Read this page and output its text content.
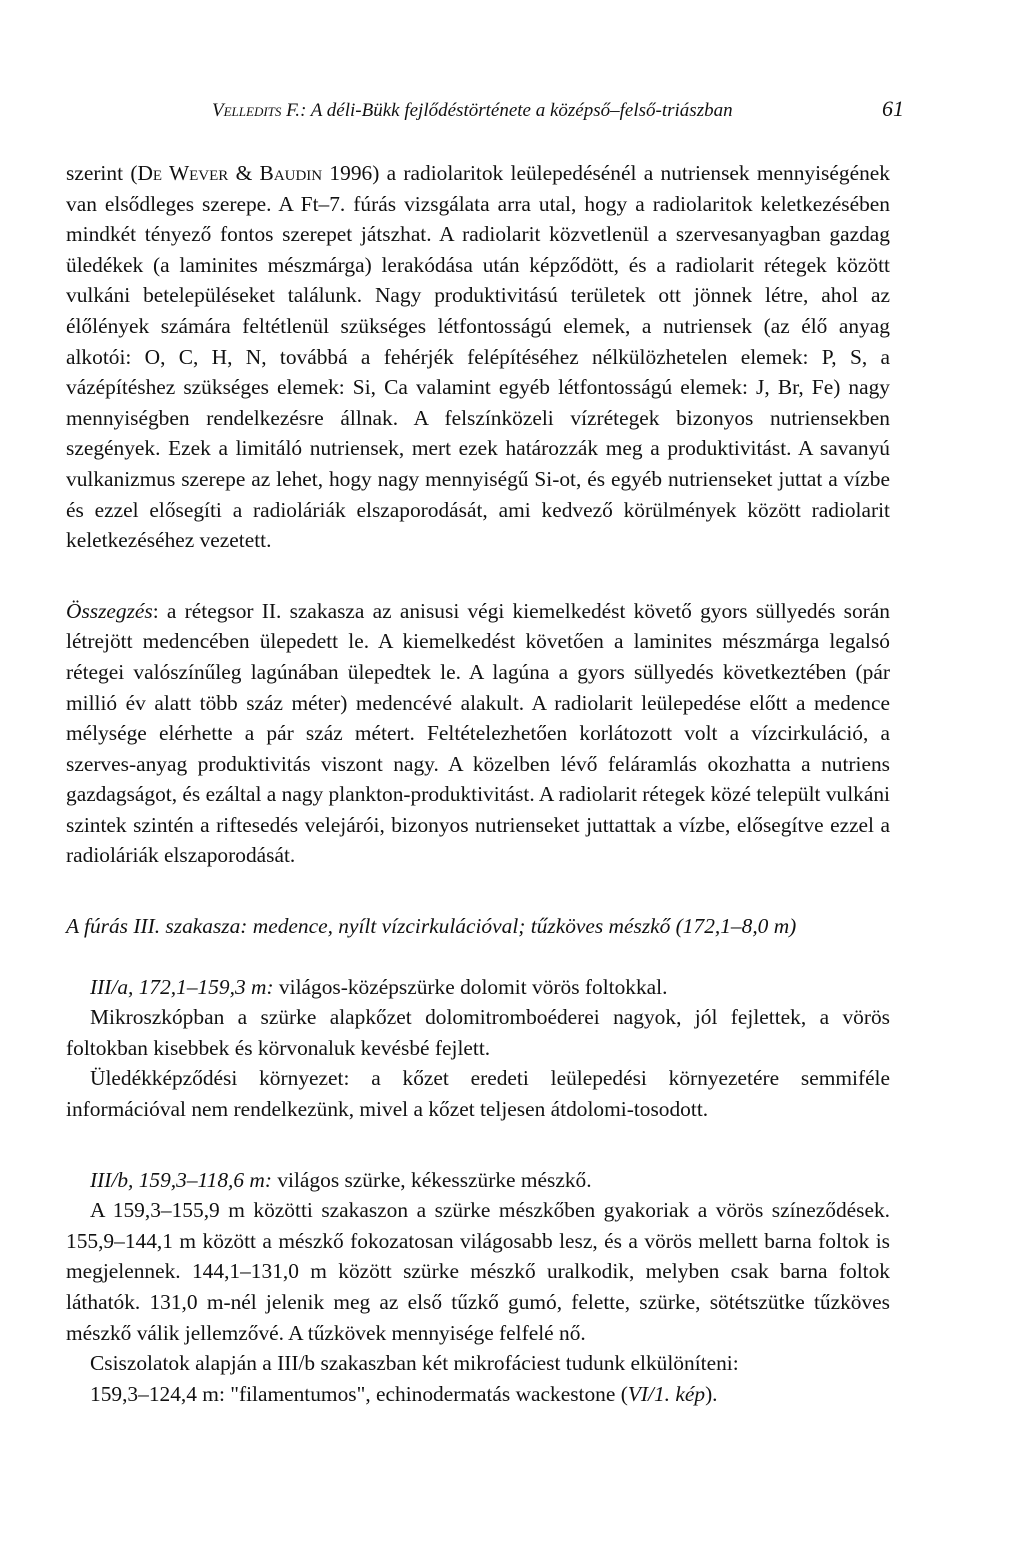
Velledits F.: A déli-Bükk fejlődéstörténete a középső–felső-triászban	61

szerint (De Wever & Baudin 1996) a radiolaritok leülepedésénél a nutriensek mennyiségének van elsődleges szerepe. A Ft–7. fúrás vizsgálata arra utal, hogy a radiolaritok keletkezésében mindkét tényező fontos szerepet játszhat. A radiolarit közvetlenül a szervesanyagban gazdag üledékek (a laminites mészmárga) lerakódása után képződött, és a radiolarit rétegek között vulkáni betelepüléseket találunk. Nagy produktivitású területek ott jönnek létre, ahol az élőlények számára feltétlenül szükséges létfontosságú elemek, a nutriensek (az élő anyag alkotói: O, C, H, N, továbbá a fehérjék felépítéséhez nélkülözhetelen elemek: P, S, a vázépítéshez szükséges elemek: Si, Ca valamint egyéb létfontosságú elemek: J, Br, Fe) nagy mennyiségben rendelkezésre állnak. A felszínközeli vízrétegek bizonyos nutriensekben szegények. Ezek a limitáló nutriensek, mert ezek határozzák meg a produktivitást. A savanyú vulkanizmus szerepe az lehet, hogy nagy mennyiségű Si-ot, és egyéb nutrienseket juttat a vízbe és ezzel elősegíti a radioláriák elszaporodását, ami kedvező körülmények között radiolarit keletkezéséhez vezetett.

Összegzés: a rétegsor II. szakasza az anisusi végi kiemelkedést követő gyors süllyedés során létrejött medencében ülepedett le. A kiemelkedést követően a laminites mészmárga legalsó rétegei valószínűleg lagúnában ülepedtek le. A lagúna a gyors süllyedés következtében (pár millió év alatt több száz méter) medencévé alakult. A radiolarit leülepedése előtt a medence mélysége elérhette a pár száz métert. Feltételezhetően korlátozott volt a vízcirkuláció, a szerves-anyag produktivitás viszont nagy. A közelben lévő feláramlás okozhatta a nutriens gazdagságot, és ezáltal a nagy plankton-produktivitást. A radiolarit rétegek közé települt vulkáni szintek szintén a riftesedés velejárói, bizonyos nutrienseket juttattak a vízbe, elősegítve ezzel a radioláriák elszaporodását.

A fúrás III. szakasza: medence, nyílt vízcirkulációval; tűzköves mészkő (172,1–8,0 m)

III/a, 172,1–159,3 m: világos-középszürke dolomit vörös foltokkal.

Mikroszkópban a szürke alapkőzet dolomitromboéderei nagyok, jól fejlettek, a vörös foltokban kisebbek és körvonaluk kevésbé fejlett.

Üledékképződési környezet: a kőzet eredeti leülepedési környezetére semmiféle információval nem rendelkezünk, mivel a kőzet teljesen átdolomi-tosodott.

III/b, 159,3–118,6 m: világos szürke, kékesszürke mészkő.

A 159,3–155,9 m közötti szakaszon a szürke mészkőben gyakoriak a vörös színeződések. 155,9–144,1 m között a mészkő fokozatosan világosabb lesz, és a vörös mellett barna foltok is megjelennek. 144,1–131,0 m között szürke mészkő uralkodik, melyben csak barna foltok láthatók. 131,0 m-nél jelenik meg az első tűzkő gumó, felette, szürke, sötétszütke tűzköves mészkő válik jellemzővé. A tűzkövek mennyisége felfelé nő.

Csiszolatok alapján a III/b szakaszban két mikrofáciest tudunk elkülöníteni:

159,3–124,4 m: "filamentumos", echinodermatás wackestone (VI/1. kép).
